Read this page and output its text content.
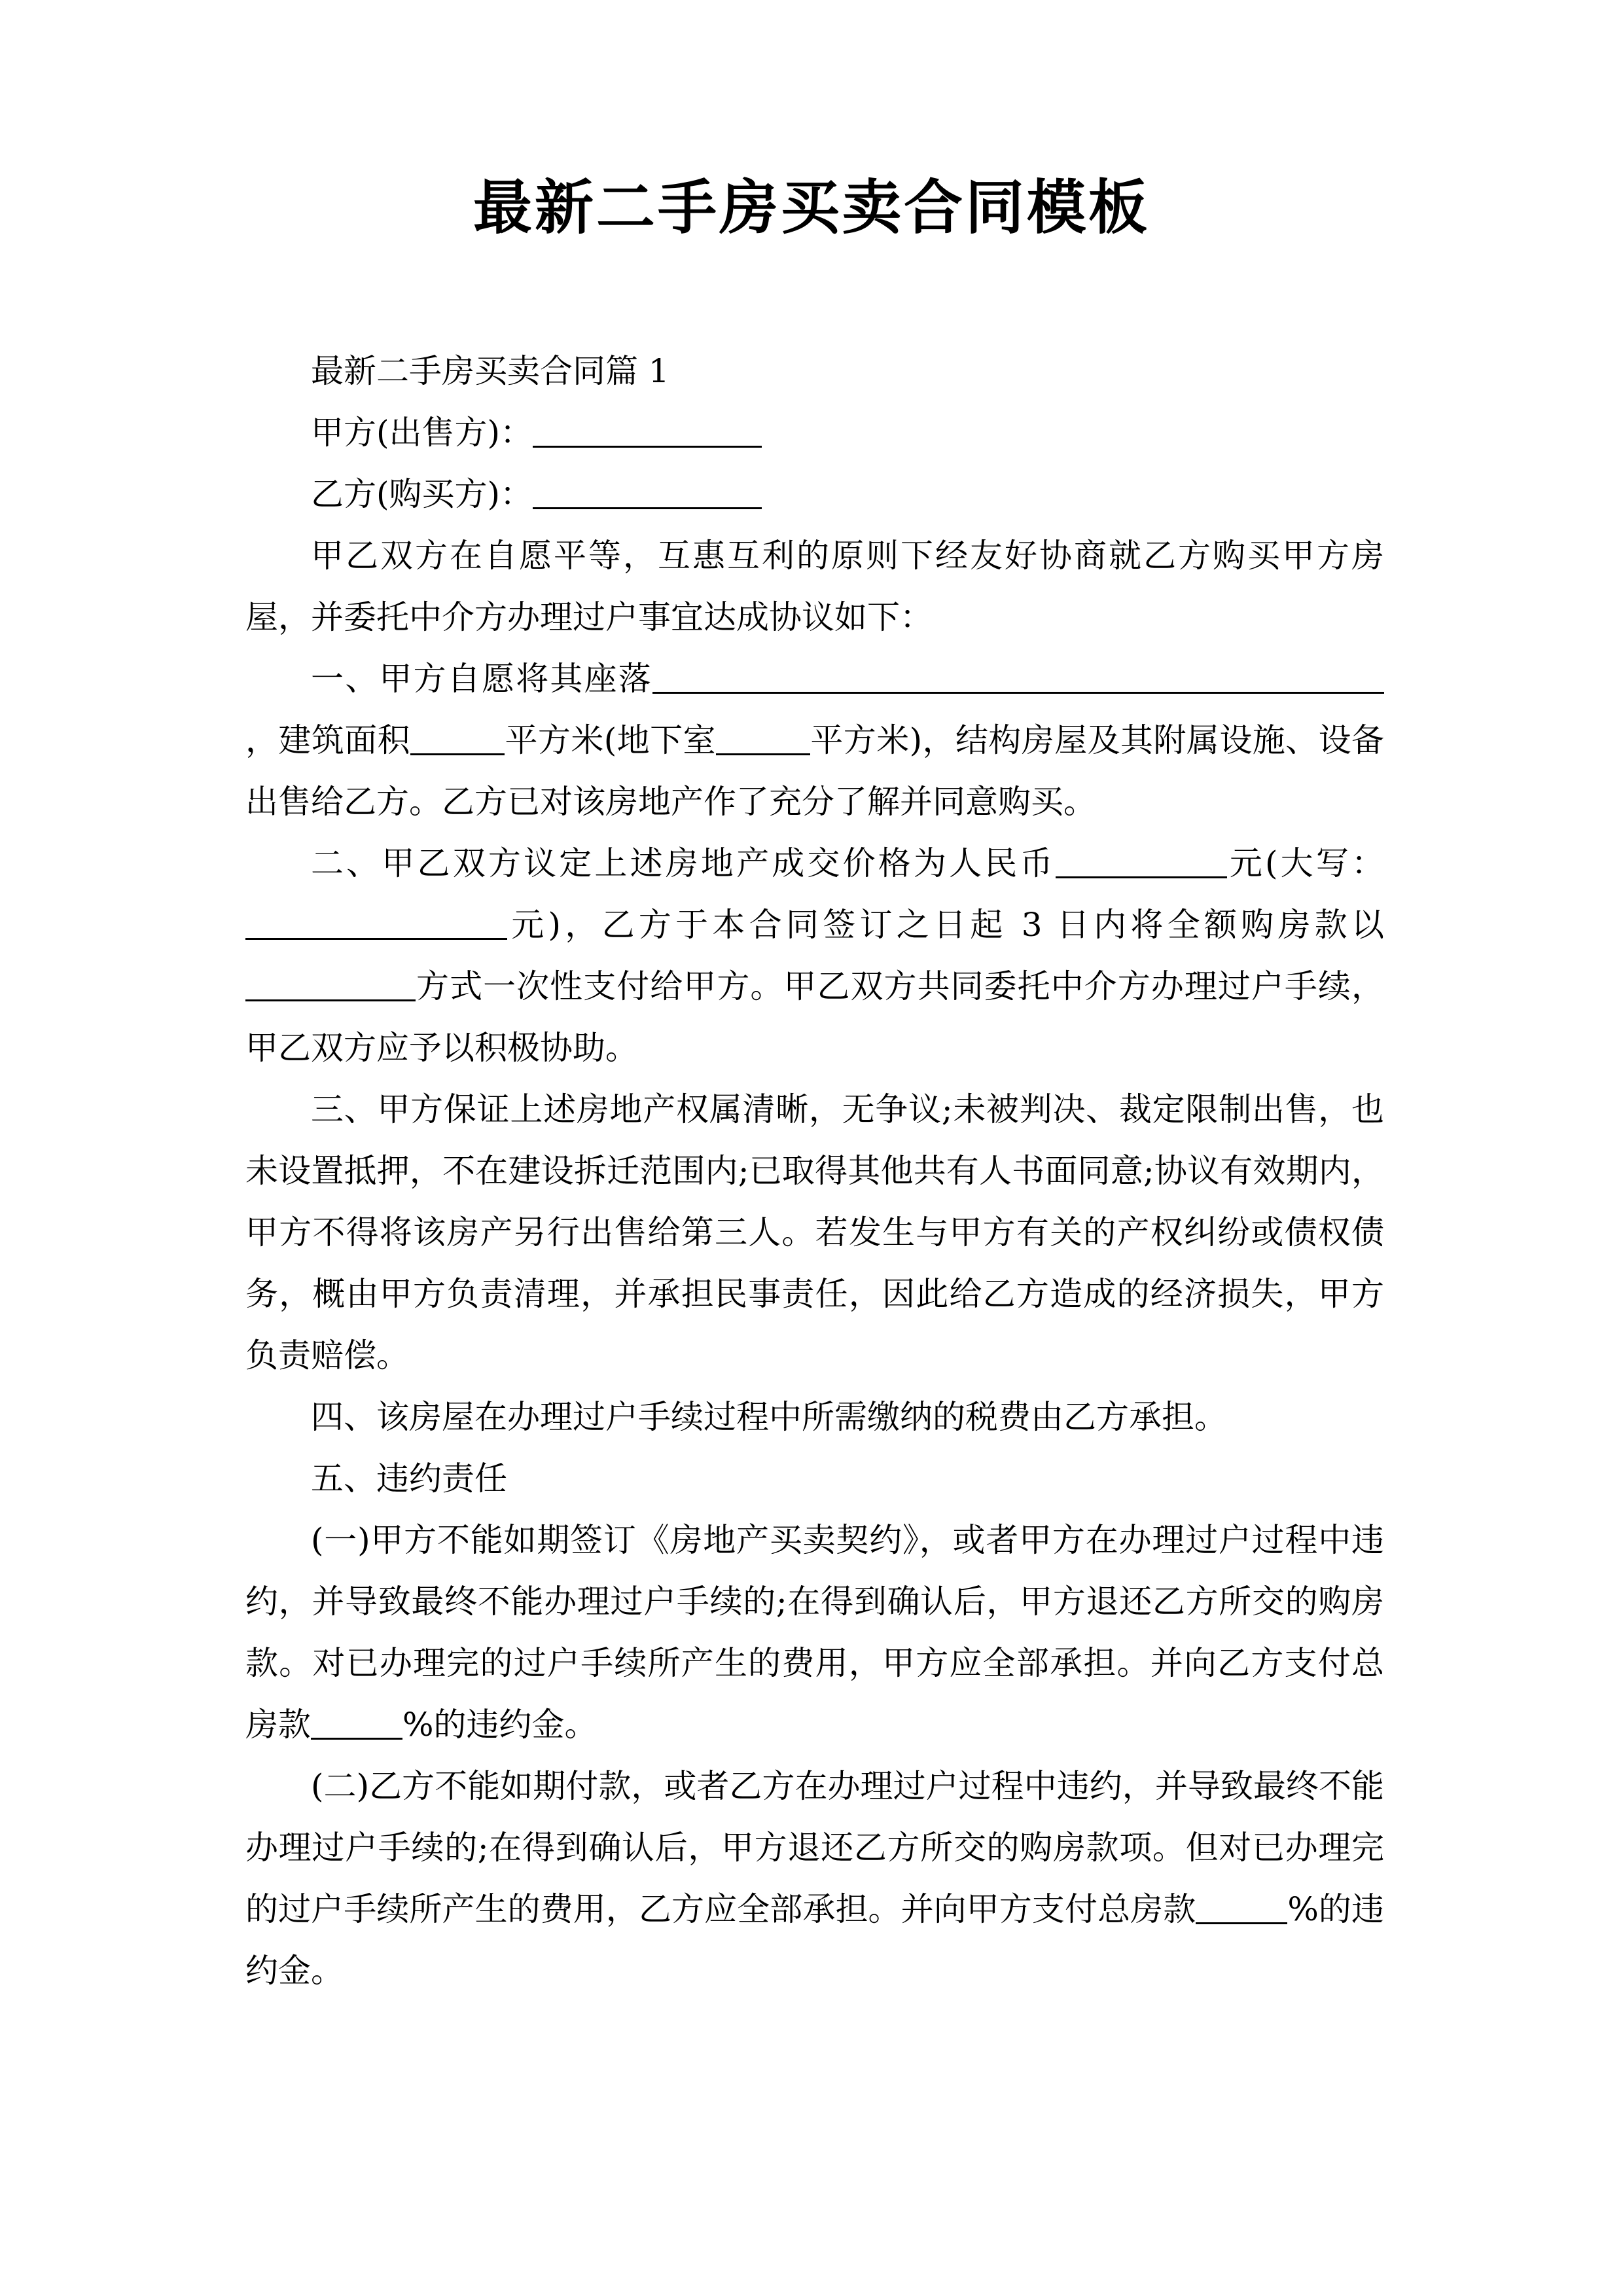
最新二手房买卖合同模板

最新二手房买卖合同篇 1

甲方(出售方)：

乙方(购买方)：

甲乙双方在自愿平等，互惠互利的原则下经友好协商就乙方购买甲方房屋，并委托中介方办理过户事宜达成协议如下：

一、甲方自愿将其座落，建筑面积	平方米(地下室	平方米)，结构房屋及其附属设施、设备出售给乙方。乙方已对该房地产作了充分了解并同意购买。

二、甲乙双方议定上述房地产成交价格为人民币	元(大写：元)，乙方于本合同签订之日起 3 日内将全额购房款以方式一次性支付给甲方。甲乙双方共同委托中介方办理过户手续，甲乙双方应予以积极协助。

三、甲方保证上述房地产权属清晰，无争议;未被判决、裁定限制出售，也未设置抵押，不在建设拆迁范围内;已取得其他共有人书面同意;协议有效期内，甲方不得将该房产另行出售给第三人。若发生与甲方有关的产权纠纷或债权债务，概由甲方负责清理，并承担民事责任，因此给乙方造成的经济损失，甲方负责赔偿。

四、该房屋在办理过户手续过程中所需缴纳的税费由乙方承担。

五、违约责任

(一)甲方不能如期签订《房地产买卖契约》，或者甲方在办理过户过程中违约，并导致最终不能办理过户手续的;在得到确认后，甲方退还乙方所交的购房款。对已办理完的过户手续所产生的费用，甲方应全部承担。并向乙方支付总房款	%的违约金。

(二)乙方不能如期付款，或者乙方在办理过户过程中违约，并导致最终不能办理过户手续的;在得到确认后，甲方退还乙方所交的购房款项。但对已办理完的过户手续所产生的费用，乙方应全部承担。并向甲方支付总房款	%的违约金。
